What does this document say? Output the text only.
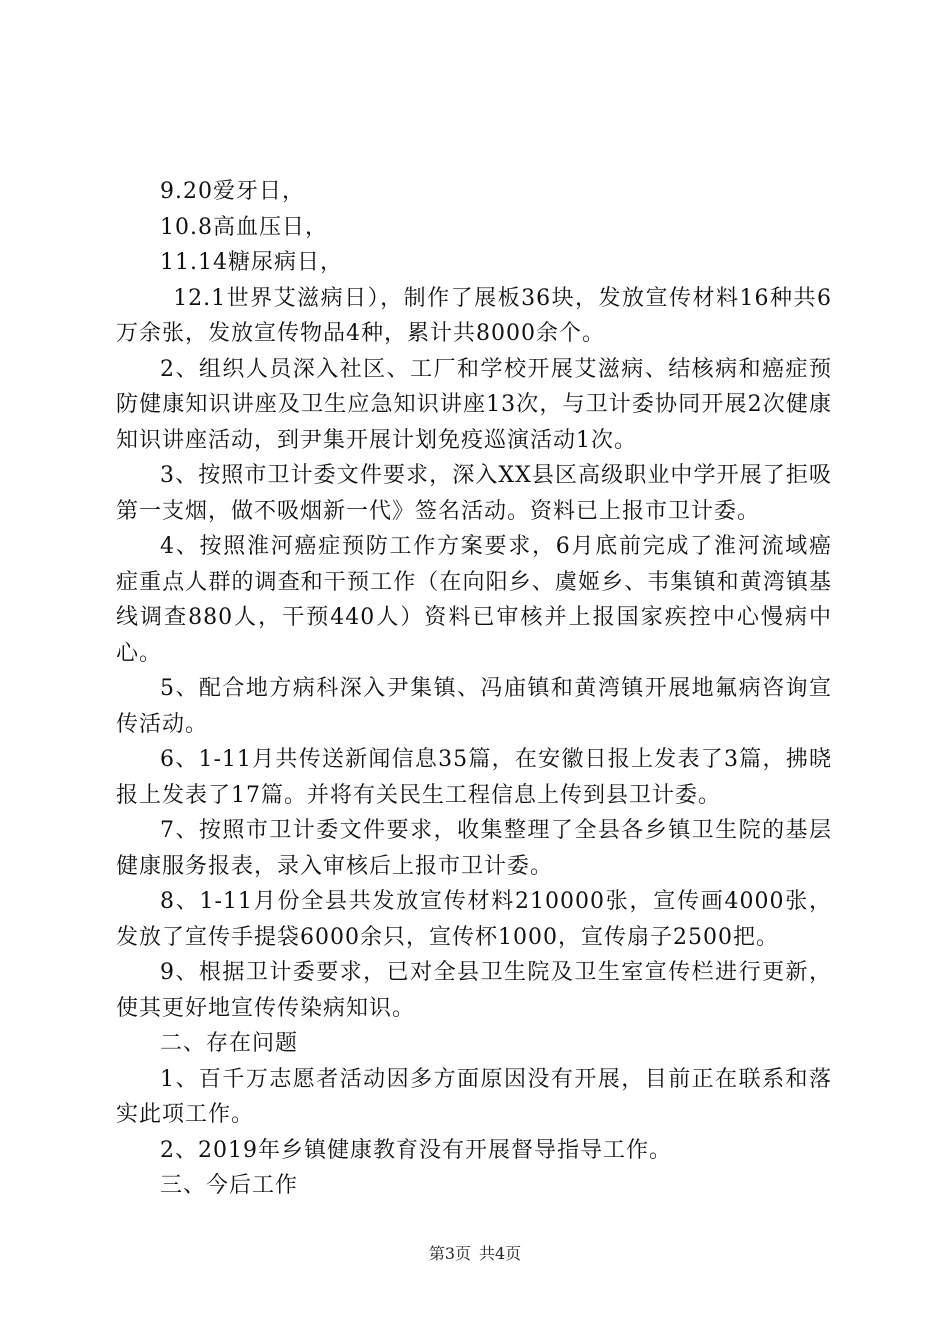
9.20爱牙日，

10.8高血压日，

11.14糖尿病日，

12.1世界艾滋病日），制作了展板36块，发放宣传材料16种共6万余张，发放宣传物品4种，累计共8000余个。

2、组织人员深入社区、工厂和学校开展艾滋病、结核病和癌症预防健康知识讲座及卫生应急知识讲座13次，与卫计委协同开展2次健康知识讲座活动，到尹集开展计划免疫巡演活动1次。

3、按照市卫计委文件要求，深入XX县区高级职业中学开展了拒吸第一支烟，做不吸烟新一代》签名活动。资料已上报市卫计委。

4、按照淮河癌症预防工作方案要求，6月底前完成了淮河流域癌症重点人群的调查和干预工作（在向阳乡、虞姬乡、韦集镇和黄湾镇基线调查880人，干预440人）资料已审核并上报国家疾控中心慢病中心。

5、配合地方病科深入尹集镇、冯庙镇和黄湾镇开展地氟病咨询宣传活动。

6、1-11月共传送新闻信息35篇，在安徽日报上发表了3篇，拂晓报上发表了17篇。并将有关民生工程信息上传到县卫计委。

7、按照市卫计委文件要求，收集整理了全县各乡镇卫生院的基层健康服务报表，录入审核后上报市卫计委。

8、1-11月份全县共发放宣传材料210000张，宣传画4000张，发放了宣传手提袋6000余只，宣传杯1000，宣传扇子2500把。

9、根据卫计委要求，已对全县卫生院及卫生室宣传栏进行更新，使其更好地宣传传染病知识。

二、存在问题

1、百千万志愿者活动因多方面原因没有开展，目前正在联系和落实此项工作。

2、2019年乡镇健康教育没有开展督导指导工作。

三、今后工作

第3页 共4页
